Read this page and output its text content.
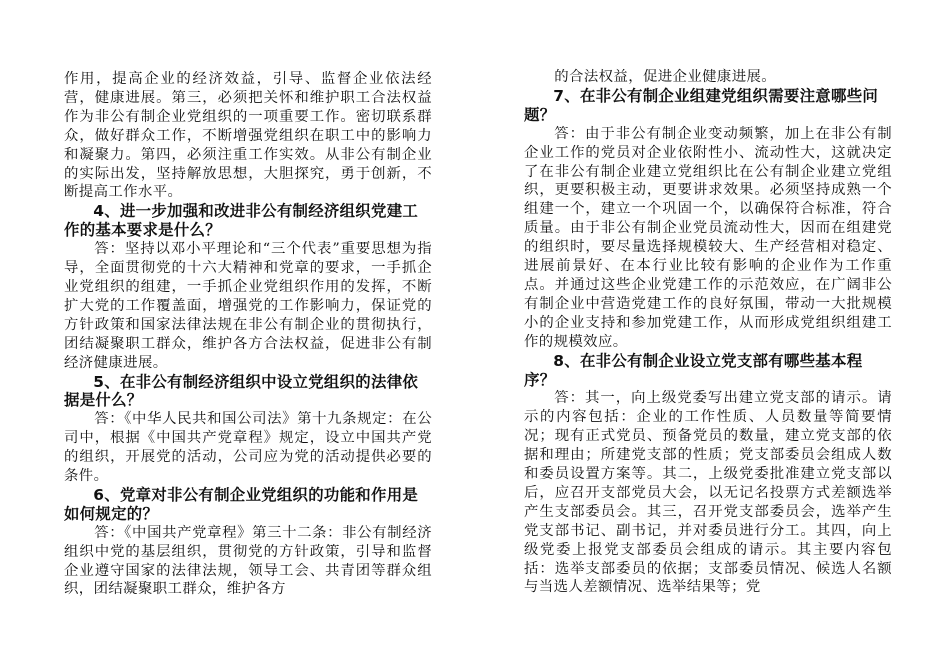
作用，提高企业的经济效益，引导、监督企业依法经营，健康进展。第三，必须把关怀和维护职工合法权益作为非公有制企业党组织的一项重要工作。密切联系群众，做好群众工作，不断增强党组织在职工中的影响力和凝聚力。第四，必须注重工作实效。从非公有制企业的实际出发，坚持解放思想，大胆探究，勇于创新，不断提高工作水平。

4、进一步加强和改进非公有制经济组织党建工作的基本要求是什么？

答：坚持以邓小平理论和“三个代表”重要思想为指导，全面贯彻党的十六大精神和党章的要求，一手抓企业党组织的组建，一手抓企业党组织作用的发挥，不断扩大党的工作覆盖面，增强党的工作影响力，保证党的方针政策和国家法律法规在非公有制企业的贯彻执行，团结凝聚职工群众，维护各方合法权益，促进非公有制经济健康进展。

5、在非公有制经济组织中设立党组织的法律依据是什么？

答：《中华人民共和国公司法》第十九条规定：在公司中，根据《中国共产党章程》规定，设立中国共产党的组织，开展党的活动，公司应为党的活动提供必要的条件。

6、党章对非公有制企业党组织的功能和作用是如何规定的？

答：《中国共产党章程》第三十二条：非公有制经济组织中党的基层组织，贯彻党的方针政策，引导和监督企业遵守国家的法律法规，领导工会、共青团等群众组织，团结凝聚职工群众，维护各方

的合法权益，促进企业健康进展。

7、在非公有制企业组建党组织需要注意哪些问题？

答：由于非公有制企业变动频繁，加上在非公有制企业工作的党员对企业依附性小、流动性大，这就决定了在非公有制企业建立党组织比在公有制企业建立党组织，更要积极主动，更要讲求效果。必须坚持成熟一个组建一个，建立一个巩固一个，以确保符合标准，符合质量。由于非公有制企业党员流动性大，因而在组建党的组织时，要尽量选择规模较大、生产经营相对稳定、进展前景好、在本行业比较有影响的企业作为工作重点。并通过这些企业党建工作的示范效应，在广阔非公有制企业中营造党建工作的良好氛围，带动一大批规模小的企业支持和参加党建工作，从而形成党组织组建工作的规模效应。

8、在非公有制企业设立党支部有哪些基本程序？

答：其一，向上级党委写出建立党支部的请示。请示的内容包括：企业的工作性质、人员数量等简要情况；现有正式党员、预备党员的数量，建立党支部的依据和理由；所建党支部的性质；党支部委员会组成人数和委员设置方案等。其二，上级党委批准建立党支部以后，应召开支部党员大会，以无记名投票方式差额选举产生支部委员会。其三，召开党支部委员会，选举产生党支部书记、副书记，并对委员进行分工。其四，向上级党委上报党支部委员会组成的请示。其主要内容包括：选举支部委员的依据；支部委员情况、候选人名额与当选人差额情况、选举结果等；党
